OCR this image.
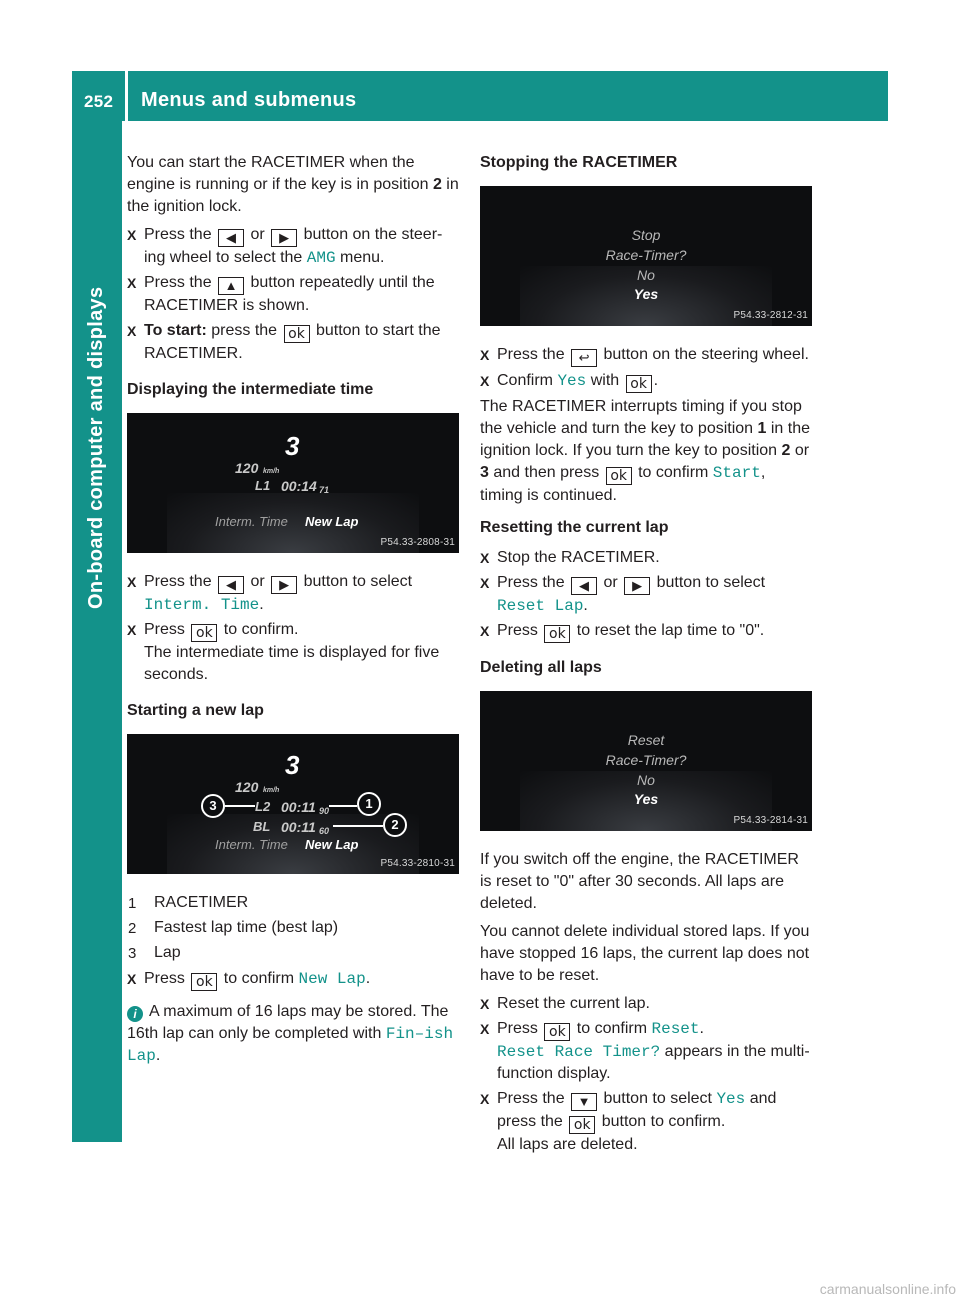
252 Menus and submenus
On-board computer and displays

You can start the RACETIMER when the engine is running or if the key is in position 2 in the ignition lock.

X Press the ◀ or ▶ button on the steer-ing wheel to select the AMG menu.
X Press the ▲ button repeatedly until the RACETIMER is shown.
X To start: press the ok button to start the RACETIMER.
Displaying the intermediate time
120 km/h
3
L1 00:14 71
Interm. Time New Lap
P54.33-2808-31
X Press the ◀ or ▶ button to select
Interm. Time.
X Press ok to confirm.
The intermediate time is displayed for five seconds.
Starting a new lap
120 km/h
3
L2 00:11 90
BL 00:11 60
Interm. Time New Lap
3	1
2
P54.33-2810-31
1 RACETIMER
2 Fastest lap time (best lap)
3 Lap
X Press ok to confirm New Lap.

i A maximum of 16 laps may be stored. The 16th lap can only be completed with Fin–ish Lap.

Stopping the RACETIMER
Stop
Race-Timer?
No
Yes
P54.33-2812-31
X Press the ↩ button on the steering wheel.
X Confirm Yes with ok .

The RACETIMER interrupts timing if you stop the vehicle and turn the key to position 1 in the ignition lock. If you turn the key to position 2 or 3 and then press ok to confirm Start, timing is continued.

Resetting the current lap
X Stop the RACETIMER.
X Press the ◀ or ▶ button to select
Reset Lap.
X Press ok to reset the lap time to "0".
Deleting all laps
Reset
Race-Timer?
No
Yes
P54.33-2814-31

If you switch off the engine, the RACETIMER is reset to "0" after 30 seconds. All laps are deleted.

You cannot delete individual stored laps. If you have stopped 16 laps, the current lap does not have to be reset.

X Reset the current lap.
X Press ok to confirm Reset.
Reset Race Timer? appears in the multi-function display.
X Press the ▼ button to select Yes and press the ok button to confirm.
All laps are deleted.
carmanualsonline.info
